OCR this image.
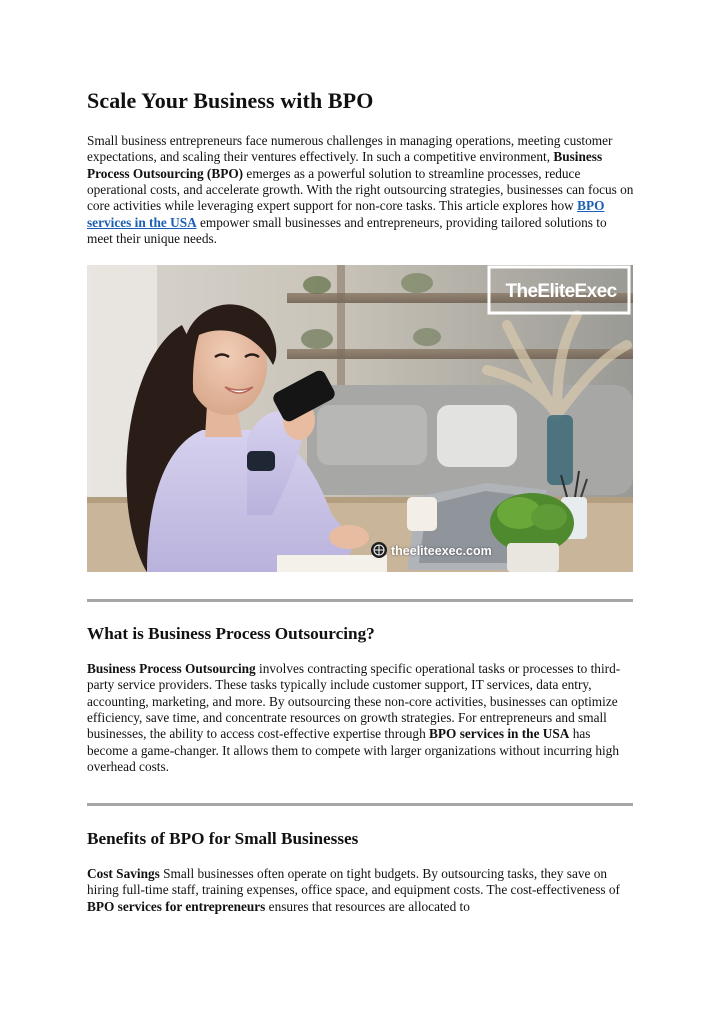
Scale Your Business with BPO

Small business entrepreneurs face numerous challenges in managing operations, meeting customer expectations, and scaling their ventures effectively. In such a competitive environment, Business Process Outsourcing (BPO) emerges as a powerful solution to streamline processes, reduce operational costs, and accelerate growth. With the right outsourcing strategies, businesses can focus on core activities while leveraging expert support for non-core tasks. This article explores how BPO services in the USA empower small businesses and entrepreneurs, providing tailored solutions to meet their unique needs.

TheEliteExec
theeliteexec.com
What is Business Process Outsourcing?

Business Process Outsourcing involves contracting specific operational tasks or processes to third-party service providers. These tasks typically include customer support, IT services, data entry, accounting, marketing, and more. By outsourcing these non-core activities, businesses can optimize efficiency, save time, and concentrate resources on growth strategies. For entrepreneurs and small businesses, the ability to access cost-effective expertise through BPO services in the USA has become a game-changer. It allows them to compete with larger organizations without incurring high overhead costs.

Benefits of BPO for Small Businesses

Cost Savings Small businesses often operate on tight budgets. By outsourcing tasks, they save on hiring full-time staff, training expenses, office space, and equipment costs. The cost-effectiveness of BPO services for entrepreneurs ensures that resources are allocated to
